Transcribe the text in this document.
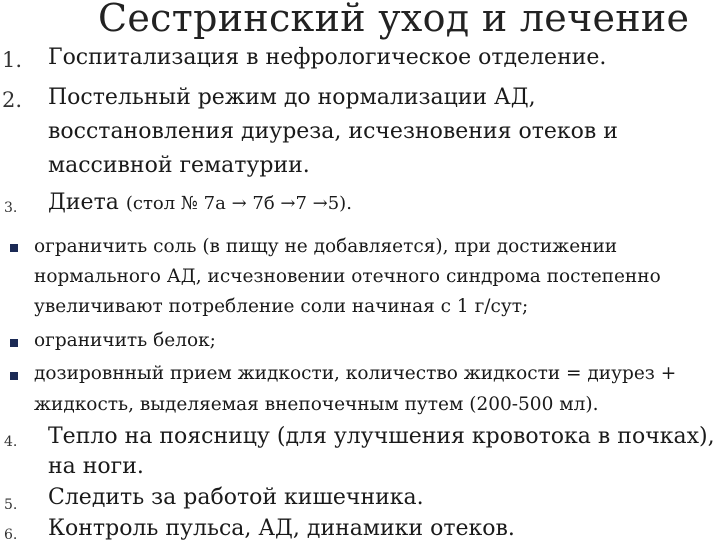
Сестринский уход и лечение
1. Госпитализация в нефрологическое отделение.
2. Постельный режим до нормализации АД,
восстановления диуреза, исчезновения отеков и
массивной гематурии.
3. Диета (стол № 7а → 7б →7 →5).
ограничить соль (в пищу не добавляется), при достижении
нормального АД, исчезновении отечного синдрома постепенно
увеличивают потребление соли начиная с 1 г/сут;
ограничить белок;
дозировнный прием жидкости, количество жидкости = диурез +
жидкость, выделяемая внепочечным путем (200-500 мл).
4. Тепло на поясницу (для улучшения кровотока в почках),
на ноги.
5. Следить за работой кишечника.
6. Контроль пульса, АД, динамики отеков.
